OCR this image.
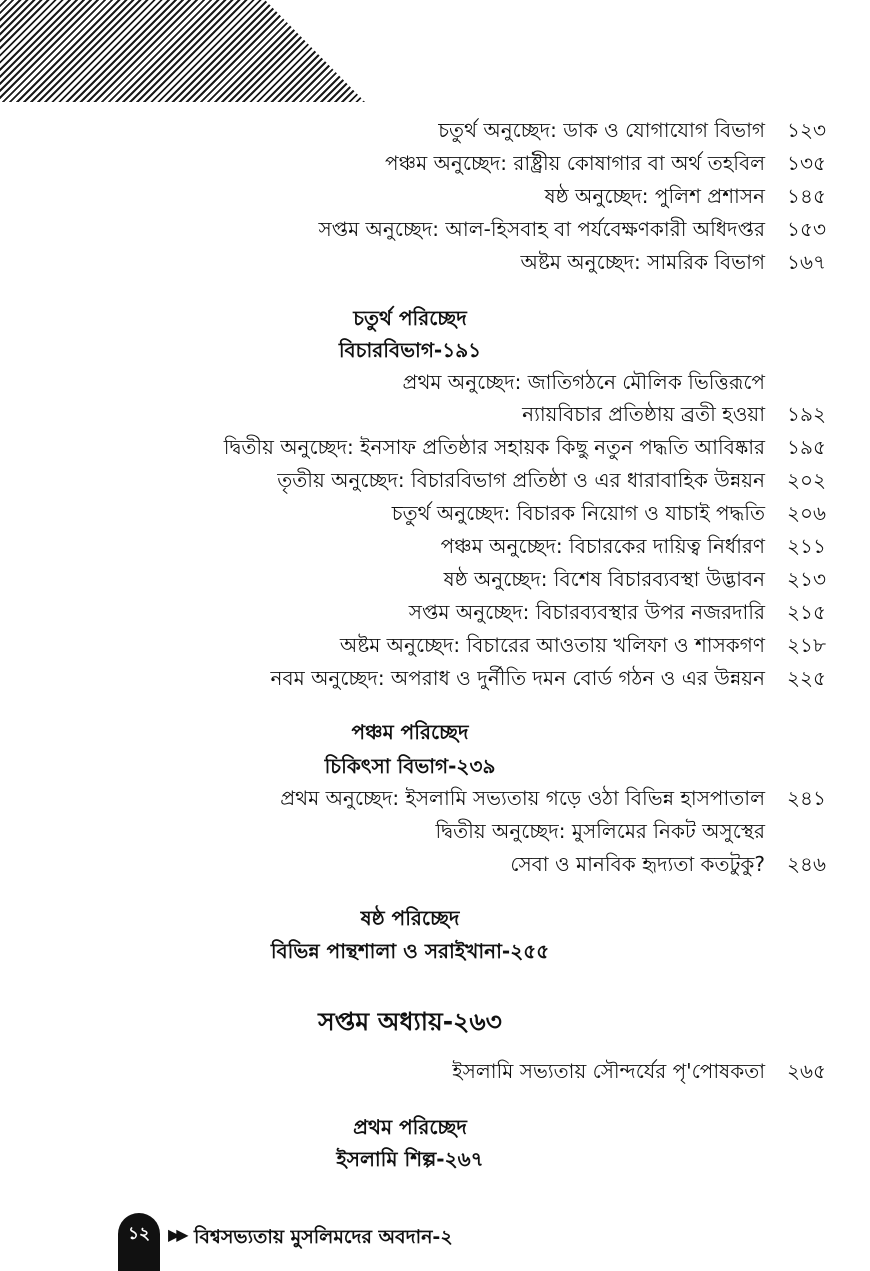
চতুর্থ অনুচ্ছেদ: ডাক ও যোগাযোগ বিভাগ ১২৩
পঞ্চম অনুচ্ছেদ: রাষ্ট্রীয় কোষাগার বা অর্থ তহবিল ১৩৫
ষষ্ঠ অনুচ্ছেদ: পুলিশ প্রশাসন ১৪৫
সপ্তম অনুচ্ছেদ: আল-হিসবাহ বা পর্যবেক্ষণকারী অধিদপ্তর ১৫৩
অষ্টম অনুচ্ছেদ: সামরিক বিভাগ ১৬৭
চতুর্থ পরিচ্ছেদ
বিচারবিভাগ-১৯১
প্রথম অনুচ্ছেদ: জাতিগঠনে মৌলিক ভিত্তিরূপে
ন্যায়বিচার প্রতিষ্ঠায় ব্রতী হওয়া ১৯২
দ্বিতীয় অনুচ্ছেদ: ইনসাফ প্রতিষ্ঠার সহায়ক কিছু নতুন পদ্ধতি আবিষ্কার ১৯৫
তৃতীয় অনুচ্ছেদ: বিচারবিভাগ প্রতিষ্ঠা ও এর ধারাবাহিক উন্নয়ন ২০২
চতুর্থ অনুচ্ছেদ: বিচারক নিয়োগ ও যাচাই পদ্ধতি ২০৬
পঞ্চম অনুচ্ছেদ: বিচারকের দায়িত্ব নির্ধারণ ২১১
ষষ্ঠ অনুচ্ছেদ: বিশেষ বিচারব্যবস্থা উদ্ভাবন ২১৩
সপ্তম অনুচ্ছেদ: বিচারব্যবস্থার উপর নজরদারি ২১৫
অষ্টম অনুচ্ছেদ: বিচারের আওতায় খলিফা ও শাসকগণ ২১৮
নবম অনুচ্ছেদ: অপরাধ ও দুর্নীতি দমন বোর্ড গঠন ও এর উন্নয়ন ২২৫
পঞ্চম পরিচ্ছেদ
চিকিৎসা বিভাগ-২৩৯
প্রথম অনুচ্ছেদ: ইসলামি সভ্যতায় গড়ে ওঠা বিভিন্ন হাসপাতাল ২৪১
দ্বিতীয় অনুচ্ছেদ: মুসলিমের নিকট অসুস্থের
সেবা ও মানবিক হৃদ্যতা কতটুকু? ২৪৬
ষষ্ঠ পরিচ্ছেদ
বিভিন্ন পান্থশালা ও সরাইখানা-২৫৫
সপ্তম অধ্যায়-২৬৩
ইসলামি সভ্যতায় সৌন্দর্যের পৃ'পোষকতা ২৬৫
প্রথম পরিচ্ছেদ
ইসলামি শিল্প-২৬৭
১২	▶▶ বিশ্বসভ্যতায় মুসলিমদের অবদান-২
